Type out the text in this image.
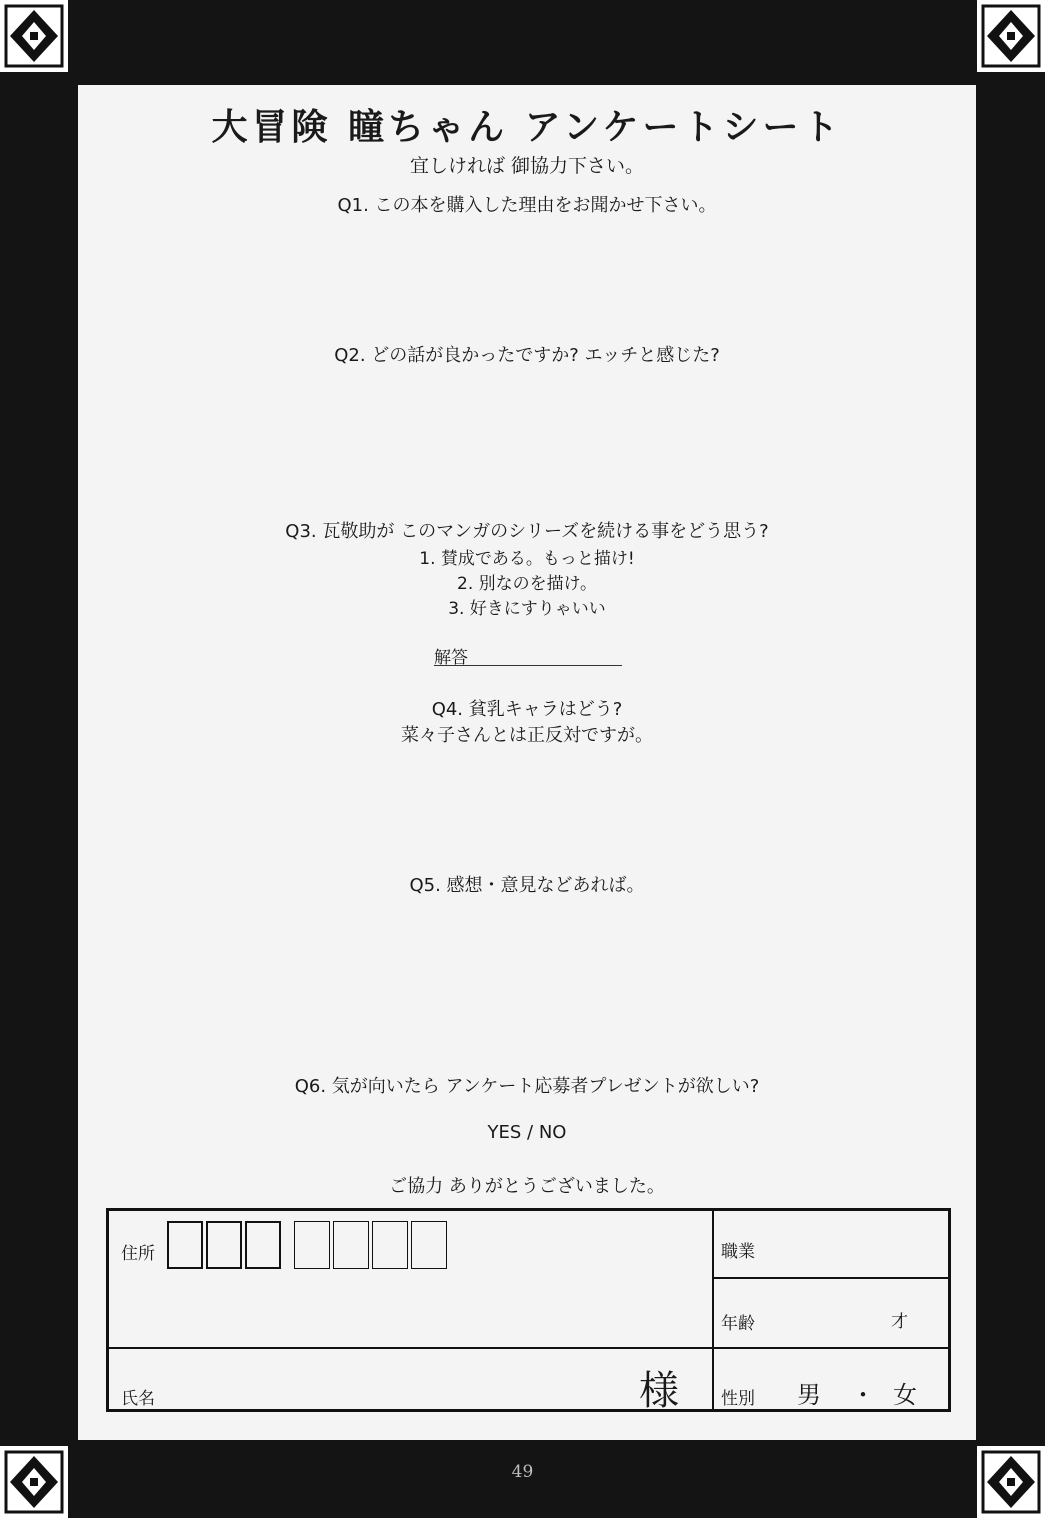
大冒険 瞳ちゃん アンケートシート
宜しければ 御協力下さい。
Q1. この本を購入した理由をお聞かせ下さい。
Q2. どの話が良かったですか? エッチと感じた?
Q3. 瓦敬助が このマンガのシリーズを続ける事をどう思う?
1. 賛成である。もっと描け!
2. 別なのを描け。
3. 好きにすりゃいい
解答
Q4. 貧乳キャラはどう?
菜々子さんとは正反対ですが。
Q5. 感想・意見などあれば。
Q6. 気が向いたら アンケート応募者プレゼントが欲しい?
YES / NO
ご協力 ありがとうございました。
住所
氏名	様
職業
年齢	才
性別 男 ・ 女
49
